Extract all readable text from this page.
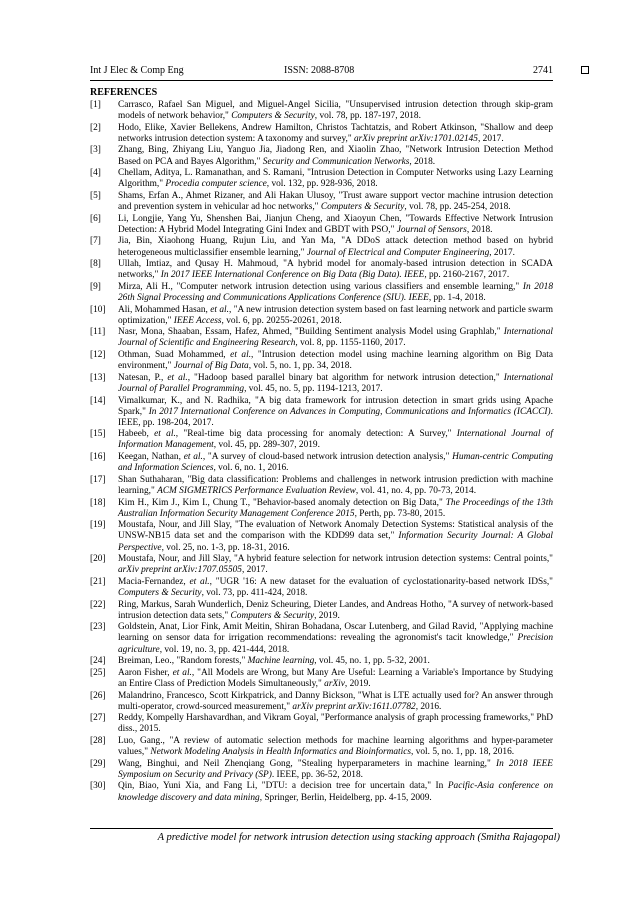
Int J Elec & Comp Eng	ISSN: 2088-8708	2741
REFERENCES
[1] Carrasco, Rafael San Miguel, and Miguel-Angel Sicilia, "Unsupervised intrusion detection through skip-gram models of network behavior," Computers & Security, vol. 78, pp. 187-197, 2018.
[2] Hodo, Elike, Xavier Bellekens, Andrew Hamilton, Christos Tachtatzis, and Robert Atkinson, "Shallow and deep networks intrusion detection system: A taxonomy and survey," arXiv preprint arXiv:1701.02145, 2017.
[3] Zhang, Bing, Zhiyang Liu, Yanguo Jia, Jiadong Ren, and Xiaolin Zhao, "Network Intrusion Detection Method Based on PCA and Bayes Algorithm," Security and Communication Networks, 2018.
[4] Chellam, Aditya, L. Ramanathan, and S. Ramani, "Intrusion Detection in Computer Networks using Lazy Learning Algorithm," Procedia computer science, vol. 132, pp. 928-936, 2018.
[5] Shams, Erfan A., Ahmet Rizaner, and Ali Hakan Ulusoy, "Trust aware support vector machine intrusion detection and prevention system in vehicular ad hoc networks," Computers & Security, vol. 78, pp. 245-254, 2018.
[6] Li, Longjie, Yang Yu, Shenshen Bai, Jianjun Cheng, and Xiaoyun Chen, "Towards Effective Network Intrusion Detection: A Hybrid Model Integrating Gini Index and GBDT with PSO," Journal of Sensors, 2018.
[7] Jia, Bin, Xiaohong Huang, Rujun Liu, and Yan Ma, "A DDoS attack detection method based on hybrid heterogeneous multiclassifier ensemble learning," Journal of Electrical and Computer Engineering, 2017.
[8] Ullah, Imtiaz, and Qusay H. Mahmoud, "A hybrid model for anomaly-based intrusion detection in SCADA networks," In 2017 IEEE International Conference on Big Data (Big Data). IEEE, pp. 2160-2167, 2017.
[9] Mirza, Ali H., "Computer network intrusion detection using various classifiers and ensemble learning," In 2018 26th Signal Processing and Communications Applications Conference (SIU). IEEE, pp. 1-4, 2018.
[10] Ali, Mohammed Hasan, et al., "A new intrusion detection system based on fast learning network and particle swarm optimization," IEEE Access, vol. 6, pp. 20255-20261, 2018.
[11] Nasr, Mona, Shaaban, Essam, Hafez, Ahmed, "Building Sentiment analysis Model using Graphlab," International Journal of Scientific and Engineering Research, vol. 8, pp. 1155-1160, 2017.
[12] Othman, Suad Mohammed, et al., "Intrusion detection model using machine learning algorithm on Big Data environment," Journal of Big Data, vol. 5, no. 1, pp. 34, 2018.
[13] Natesan, P., et al., "Hadoop based parallel binary bat algorithm for network intrusion detection," International Journal of Parallel Programming, vol. 45, no. 5, pp. 1194-1213, 2017.
[14] Vimalkumar, K., and N. Radhika, "A big data framework for intrusion detection in smart grids using Apache Spark," In 2017 International Conference on Advances in Computing, Communications and Informatics (ICACCI). IEEE, pp. 198-204, 2017.
[15] Habeeb, et al., "Real-time big data processing for anomaly detection: A Survey," International Journal of Information Management, vol. 45, pp. 289-307, 2019.
[16] Keegan, Nathan, et al., "A survey of cloud-based network intrusion detection analysis," Human-centric Computing and Information Sciences, vol. 6, no. 1, 2016.
[17] Shan Suthaharan, "Big data classification: Problems and challenges in network intrusion prediction with machine learning," ACM SIGMETRICS Performance Evaluation Review, vol. 41, no. 4, pp. 70-73, 2014.
[18] Kim H., Kim J., Kim I., Chung T., "Behavior-based anomaly detection on Big Data," The Proceedings of the 13th Australian Information Security Management Conference 2015, Perth, pp. 73-80, 2015.
[19] Moustafa, Nour, and Jill Slay, "The evaluation of Network Anomaly Detection Systems: Statistical analysis of the UNSW-NB15 data set and the comparison with the KDD99 data set," Information Security Journal: A Global Perspective, vol. 25, no. 1-3, pp. 18-31, 2016.
[20] Moustafa, Nour, and Jill Slay, "A hybrid feature selection for network intrusion detection systems: Central points," arXiv preprint arXiv:1707.05505, 2017.
[21] Macia-Fernandez, et al., "UGR '16: A new dataset for the evaluation of cyclostationarity-based network IDSs," Computers & Security, vol. 73, pp. 411-424, 2018.
[22] Ring, Markus, Sarah Wunderlich, Deniz Scheuring, Dieter Landes, and Andreas Hotho, "A survey of network-based intrusion detection data sets," Computers & Security, 2019.
[23] Goldstein, Anat, Lior Fink, Amit Meitin, Shiran Bohadana, Oscar Lutenberg, and Gilad Ravid, "Applying machine learning on sensor data for irrigation recommendations: revealing the agronomist's tacit knowledge," Precision agriculture, vol. 19, no. 3, pp. 421-444, 2018.
[24] Breiman, Leo., "Random forests," Machine learning, vol. 45, no. 1, pp. 5-32, 2001.
[25] Aaron Fisher, et al., "All Models are Wrong, but Many Are Useful: Learning a Variable's Importance by Studying an Entire Class of Prediction Models Simultaneously," arXiv, 2019.
[26] Malandrino, Francesco, Scott Kirkpatrick, and Danny Bickson, "What is LTE actually used for? An answer through multi-operator, crowd-sourced measurement," arXiv preprint arXiv:1611.07782, 2016.
[27] Reddy, Kompelly Harshavardhan, and Vikram Goyal, "Performance analysis of graph processing frameworks," PhD diss., 2015.
[28] Luo, Gang., "A review of automatic selection methods for machine learning algorithms and hyper-parameter values," Network Modeling Analysis in Health Informatics and Bioinformatics, vol. 5, no. 1, pp. 18, 2016.
[29] Wang, Binghui, and Neil Zhenqiang Gong, "Stealing hyperparameters in machine learning," In 2018 IEEE Symposium on Security and Privacy (SP). IEEE, pp. 36-52, 2018.
[30] Qin, Biao, Yuni Xia, and Fang Li, "DTU: a decision tree for uncertain data," In Pacific-Asia conference on knowledge discovery and data mining, Springer, Berlin, Heidelberg, pp. 4-15, 2009.
A predictive model for network intrusion detection using stacking approach (Smitha Rajagopal)
